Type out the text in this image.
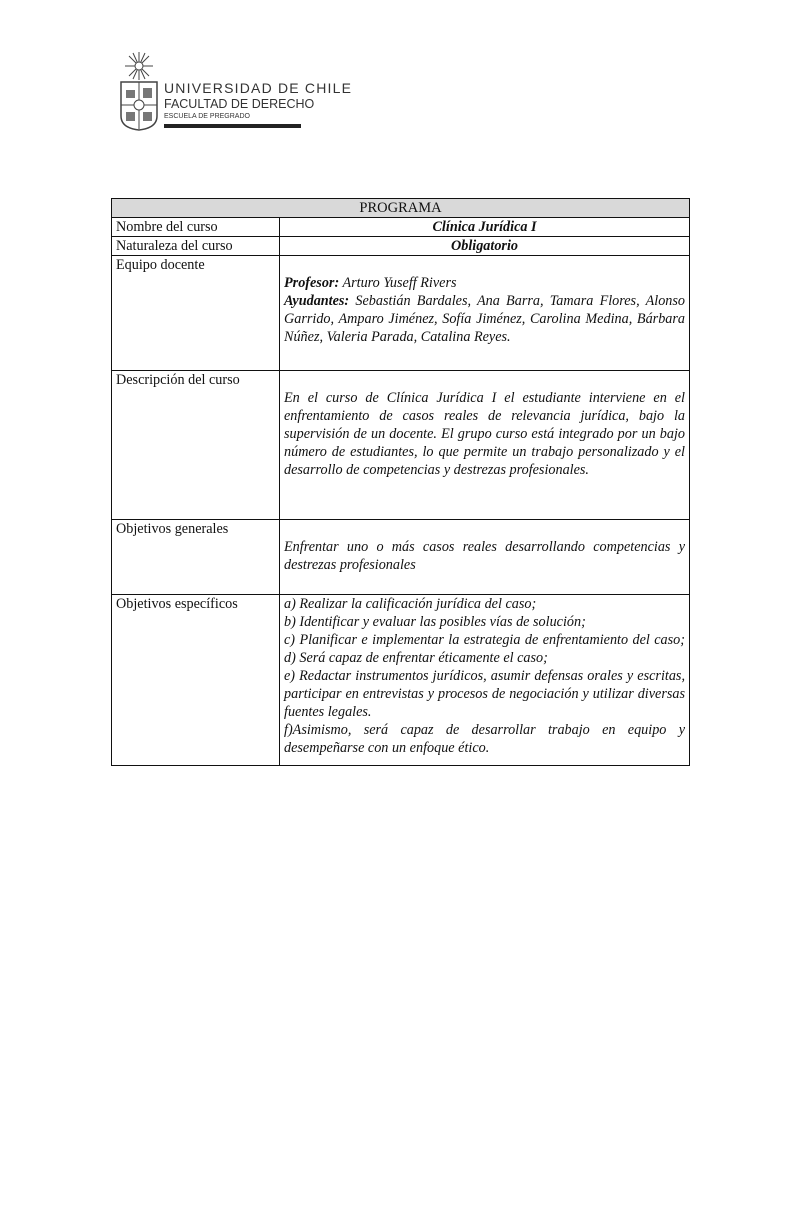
UNIVERSIDAD DE CHILE
FACULTAD DE DERECHO
ESCUELA DE PREGRADO
PROGRAMA	
Nombre del curso	Clínica Jurídica I
Naturaleza del curso	Obligatorio
Equipo docente	Profesor: Arturo Yuseff Rivers
Ayudantes: Sebastián Bardales, Ana Barra, Tamara Flores, Alonso Garrido, Amparo Jiménez, Sofía Jiménez, Carolina Medina, Bárbara Núñez, Valeria Parada, Catalina Reyes.

Descripción del curso	En el curso de Clínica Jurídica I el estudiante interviene en el enfrentamiento de casos reales de relevancia jurídica, bajo la supervisión de un docente. El grupo curso está integrado por un bajo número de estudiantes, lo que permite un trabajo personalizado y el desarrollo de competencias y destrezas profesionales.

Objetivos generales	Enfrentar uno o más casos reales desarrollando competencias y destrezas profesionales

Objetivos específicos	a) Realizar la calificación jurídica del caso;
b) Identificar y evaluar las posibles vías de solución;
c) Planificar e implementar la estrategia de enfrentamiento del caso; d) Será capaz de enfrentar éticamente el caso;
e) Redactar instrumentos jurídicos, asumir defensas orales y escritas, participar en entrevistas y procesos de negociación y utilizar diversas fuentes legales.
f)Asimismo, será capaz de desarrollar trabajo en equipo y desempeñarse con un enfoque ético.
